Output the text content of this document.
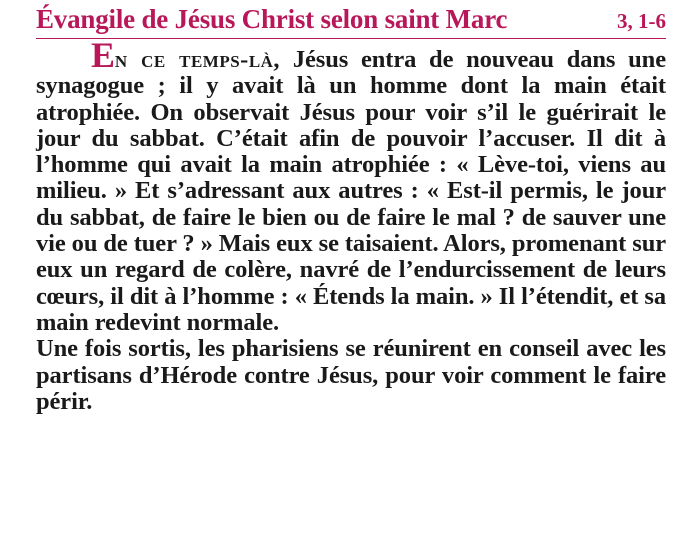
Évangile de Jésus Christ selon saint Marc	3, 1-6

En ce temps-là, Jésus entra de nouveau dans une synagogue ; il y avait là un homme dont la main était atrophiée. On observait Jésus pour voir s’il le guérirait le jour du sabbat. C’était afin de pouvoir l’accuser. Il dit à l’homme qui avait la main atrophiée : « Lève-toi, viens au milieu. » Et s’adressant aux autres : « Est-il permis, le jour du sabbat, de faire le bien ou de faire le mal ? de sauver une vie ou de tuer ? » Mais eux se taisaient. Alors, promenant sur eux un regard de colère, navré de l’endurcissement de leurs cœurs, il dit à l’homme : « Étends la main. » Il l’étendit, et sa main redevint normale.

Une fois sortis, les pharisiens se réunirent en conseil avec les partisans d’Hérode contre Jésus, pour voir comment le faire périr.
